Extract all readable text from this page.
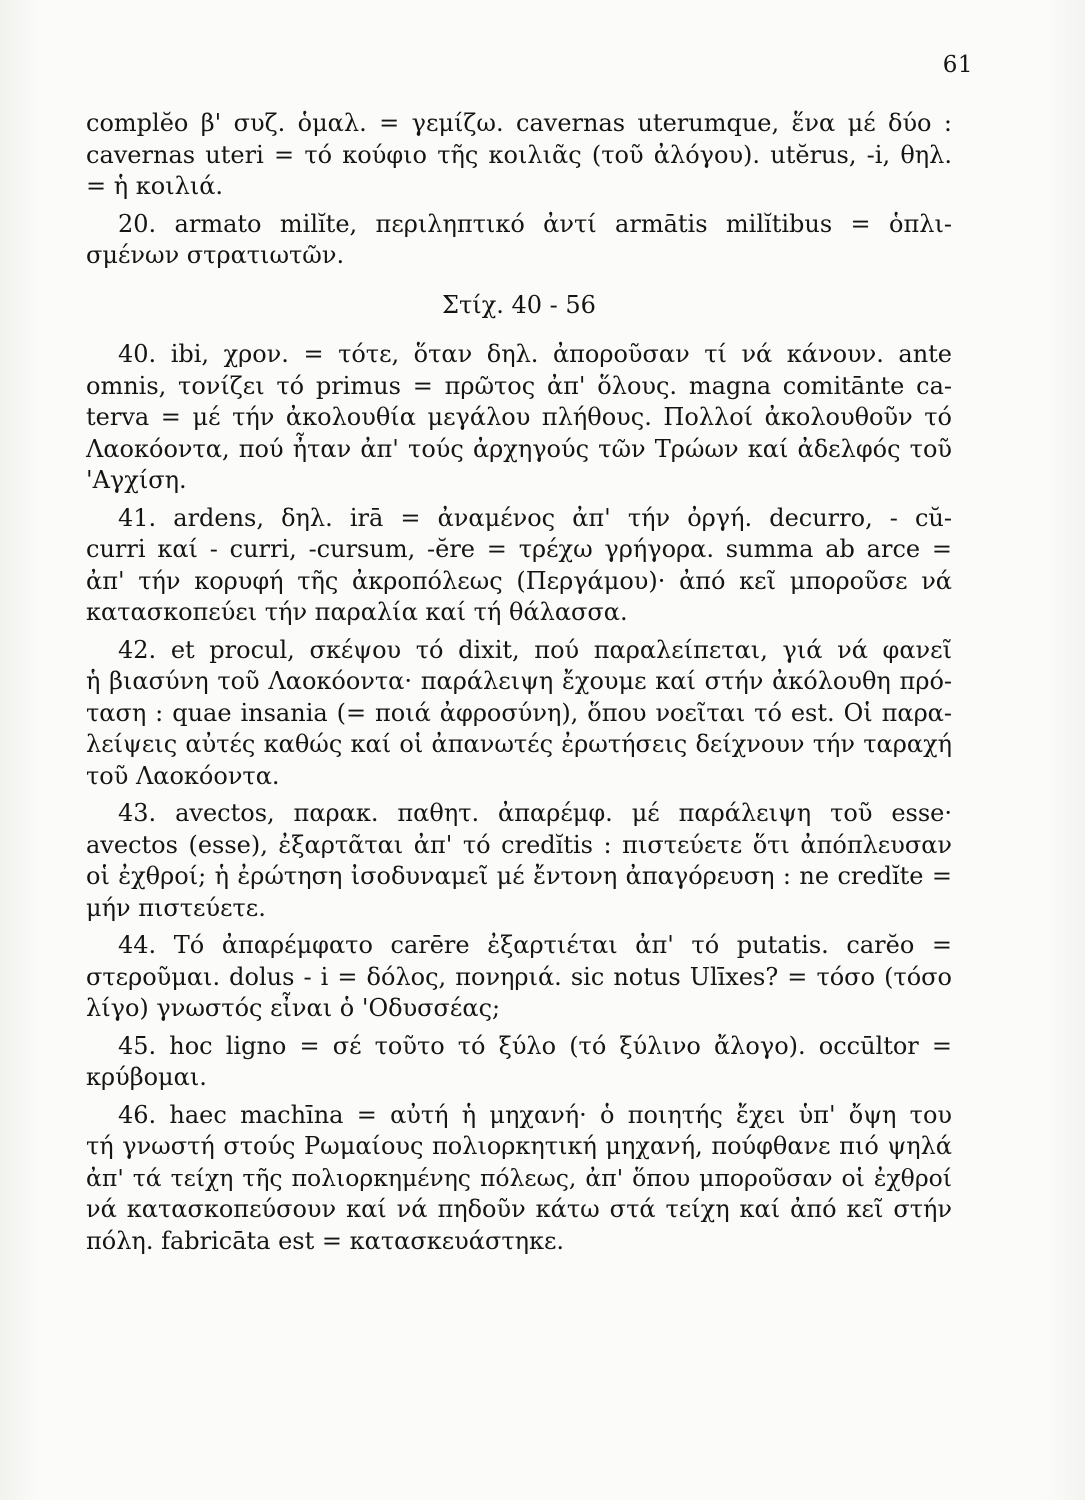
61
complĕo β' συζ. ὁμαλ. = γεμίζω. cavernas uterumque, ἕνα μέ δύο :
cavernas uteri = τό κούφιο τῆς κοιλιᾶς (τοῦ ἀλόγου). utĕrus, -i, θηλ.
= ἡ κοιλιά.
20. armato milĭte, περιληπτικό ἀντί armātis milĭtibus = ὁπλι-
σμένων στρατιωτῶν.
Στίχ. 40 - 56
40. ibi, χρον. = τότε, ὅταν δηλ. ἀποροῦσαν τί νά κάνουν. ante
omnis, τονίζει τό primus = πρῶτος ἀπ' ὅλους. magna comitānte ca-
terva = μέ τήν ἀκολουθία μεγάλου πλήθους. Πολλοί ἀκολουθοῦν τό
Λαοκόοντα, πού ἦταν ἀπ' τούς ἀρχηγούς τῶν Τρώων καί ἀδελφός τοῦ
'Αγχίση.
41. ardens, δηλ. irā = ἀναμένος ἀπ' τήν ὀργή. decurro, - cŭ-
curri καί - curri, -cursum, -ĕre = τρέχω γρήγορα. summa ab arce =
ἀπ' τήν κορυφή τῆς ἀκροπόλεως (Περγάμου)· ἀπό κεῖ μποροῦσε νά
κατασκοπεύει τήν παραλία καί τή θάλασσα.
42. et procul, σκέψου τό dixit, πού παραλείπεται, γιά νά φανεῖ
ἡ βιασύνη τοῦ Λαοκόοντα· παράλειψη ἔχουμε καί στήν ἀκόλουθη πρό-
ταση : quae insania (= ποιά ἀφροσύνη), ὅπου νοεῖται τό est. Οἱ παρα-
λείψεις αὐτές καθώς καί οἱ ἀπανωτές ἐρωτήσεις δείχνουν τήν ταραχή
τοῦ Λαοκόοντα.
43. avectos, παρακ. παθητ. ἀπαρέμφ. μέ παράλειψη τοῦ esse·
avectos (esse), ἐξαρτᾶται ἀπ' τό credĭtis : πιστεύετε ὅτι ἀπόπλευσαν
οἱ ἐχθροί; ἡ ἐρώτηση ἰσοδυναμεῖ μέ ἔντονη ἀπαγόρευση : ne credĭte =
μήν πιστεύετε.
44. Τό ἀπαρέμφατο carēre ἐξαρτιέται ἀπ' τό putatis. carĕo =
στεροῦμαι. dolus - i = δόλος, πονηριά. sic notus Ulīxes? = τόσο (τόσο
λίγο) γνωστός εἶναι ὁ 'Οδυσσέας;
45. hoc ligno = σέ τοῦτο τό ξύλο (τό ξύλινο ἄλογο). occūltor =
κρύβομαι.
46. haec machīna = αὐτή ἡ μηχανή· ὁ ποιητής ἔχει ὑπ' ὄψη του
τή γνωστή στούς Ρωμαίους πολιορκητική μηχανή, πούφθανε πιό ψηλά
ἀπ' τά τείχη τῆς πολιορκημένης πόλεως, ἀπ' ὅπου μποροῦσαν οἱ ἐχθροί
νά κατασκοπεύσουν καί νά πηδοῦν κάτω στά τείχη καί ἀπό κεῖ στήν
πόλη. fabricāta est = κατασκευάστηκε.
